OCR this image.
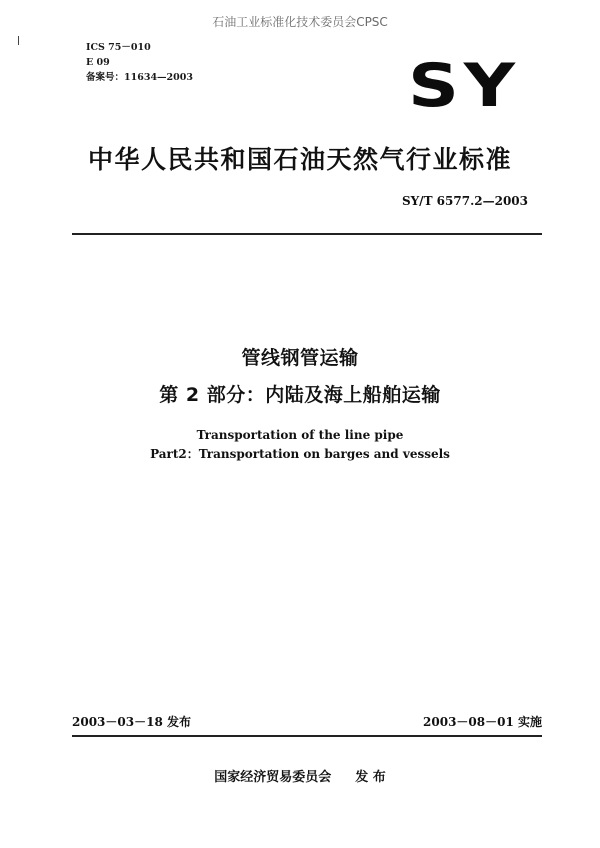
石油工业标准化技术委员会CPSC
ICS 75－010
E 09
备案号：11634—2003	SY
中华人民共和国石油天然气行业标准
SY/T 6577.2—2003
管线钢管运输
第 2 部分：内陆及海上船舶运输
Transportation of the line pipe
Part2：Transportation on barges and vessels
2003－03－18 发布	2003－08－01 实施
国家经济贸易委员会 发 布
